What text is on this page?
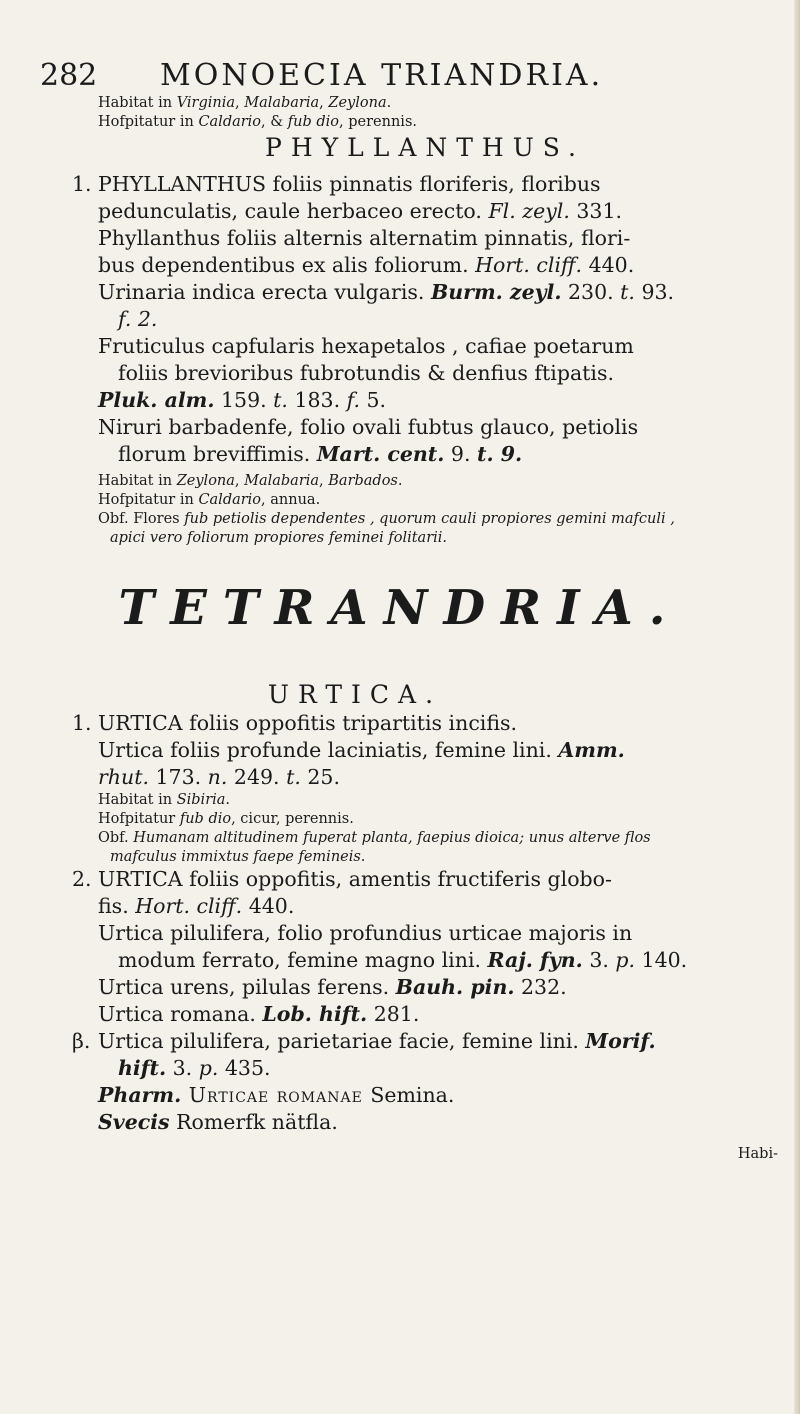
282 MONOECIA TRIANDRIA.
Habitat in Virginia, Malabaria, Zeylona.
Hofpitatur in Caldario, & fub dio, perennis.
PHYLLANTHUS.
1. PHYLLANTHUS foliis pinnatis floriferis, floribus
pedunculatis, caule herbaceo erecto. Fl. zeyl. 331.
Phyllanthus foliis alternis alternatim pinnatis, flori-
bus dependentibus ex alis foliorum. Hort. cliff. 440.
Urinaria indica erecta vulgaris. Burm. zeyl. 230. t. 93.
f. 2.
Fruticulus capfularis hexapetalos , cafiae poetarum
foliis brevioribus fubrotundis & denfius ftipatis.
Pluk. alm. 159. t. 183. f. 5.
Niruri barbadenfe, folio ovali fubtus glauco, petiolis
florum breviffimis. Mart. cent. 9. t. 9.
Habitat in Zeylona, Malabaria, Barbados.
Hofpitatur in Caldario, annua.
Obf. Flores fub petiolis dependentes , quorum cauli propiores gemini mafculi ,
apici vero foliorum propiores feminei folitarii.
TETRANDRIA.
URTICA.
1. URTICA foliis oppofitis tripartitis incifis.
Urtica foliis profunde laciniatis, femine lini. Amm.
rhut. 173. n. 249. t. 25.
Habitat in Sibiria.
Hofpitatur fub dio, cicur, perennis.
Obf. Humanam altitudinem fuperat planta, faepius dioica; unus alterve flos
mafculus immixtus faepe femineis.
2. URTICA foliis oppofitis, amentis fructiferis globo-
fis. Hort. cliff. 440.
Urtica pilulifera, folio profundius urticae majoris in
modum ferrato, femine magno lini. Raj. fyn. 3. p. 140.
Urtica urens, pilulas ferens. Bauh. pin. 232.
Urtica romana. Lob. hift. 281.
β.Urtica pilulifera, parietariae facie, femine lini. Morif.
hift. 3. p. 435.
Pharm. Urticae romanae Semina.
Svecis Romerfk nätfla.
Habi-
